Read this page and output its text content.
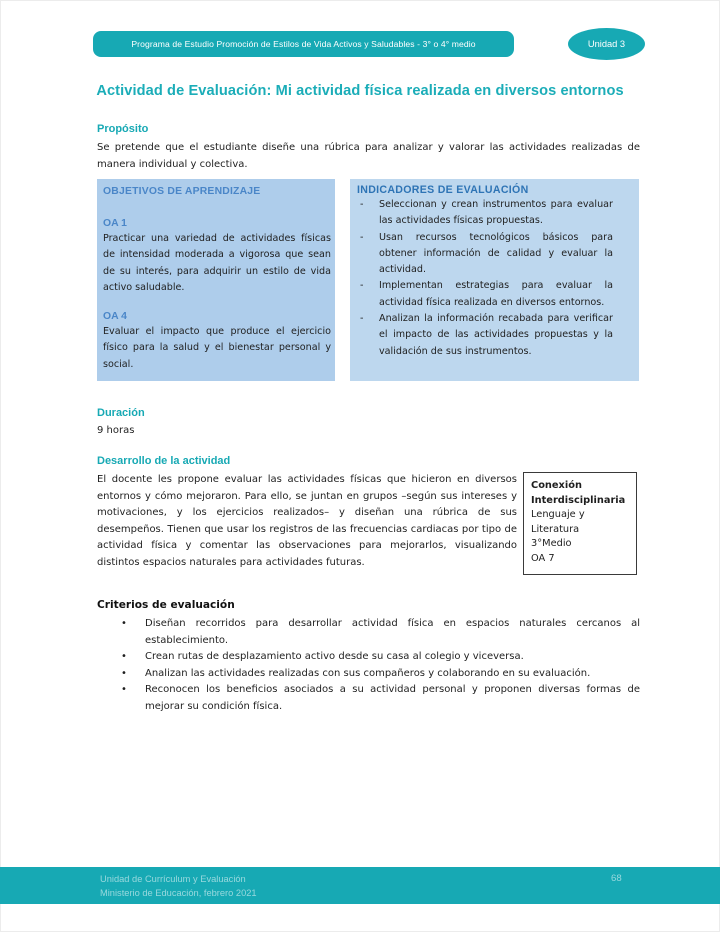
Programa de Estudio Promoción de Estilos de Vida Activos y Saludables - 3° o 4° medio	Unidad 3
Actividad de Evaluación: Mi actividad física realizada en diversos entornos
Propósito
Se pretende que el estudiante diseñe una rúbrica para analizar y valorar las actividades realizadas de manera individual y colectiva.
OBJETIVOS DE APRENDIZAJE
OA 1
Practicar una variedad de actividades físicas de intensidad moderada a vigorosa que sean de su interés, para adquirir un estilo de vida activo saludable.
OA 4
Evaluar el impacto que produce el ejercicio físico para la salud y el bienestar personal y social.
INDICADORES DE EVALUACIÓN
-	Seleccionan y crean instrumentos para evaluar las actividades físicas propuestas.
-	Usan recursos tecnológicos básicos para obtener información de calidad y evaluar la actividad.
-	Implementan estrategias para evaluar la actividad física realizada en diversos entornos.
-	Analizan la información recabada para verificar el impacto de las actividades propuestas y la validación de sus instrumentos.
Duración
9 horas
Desarrollo de la actividad
El docente les propone evaluar las actividades físicas que hicieron en diversos entornos y cómo mejoraron. Para ello, se juntan en grupos –según sus intereses y motivaciones, y los ejercicios realizados– y diseñan una rúbrica de sus desempeños. Tienen que usar los registros de las frecuencias cardiacas por tipo de actividad física y comentar las observaciones para mejorarlos, visualizando distintos espacios naturales para actividades futuras.
Conexión Interdisciplinaria
Lenguaje y Literatura
3°Medio
OA 7
Criterios de evaluación
•	Diseñan recorridos para desarrollar actividad física en espacios naturales cercanos al establecimiento.
•	Crean rutas de desplazamiento activo desde su casa al colegio y viceversa.
•	Analizan las actividades realizadas con sus compañeros y colaborando en su evaluación.
•	Reconocen los beneficios asociados a su actividad personal y proponen diversas formas de mejorar su condición física.
Unidad de Currículum y Evaluación
Ministerio de Educación, febrero 2021
68
